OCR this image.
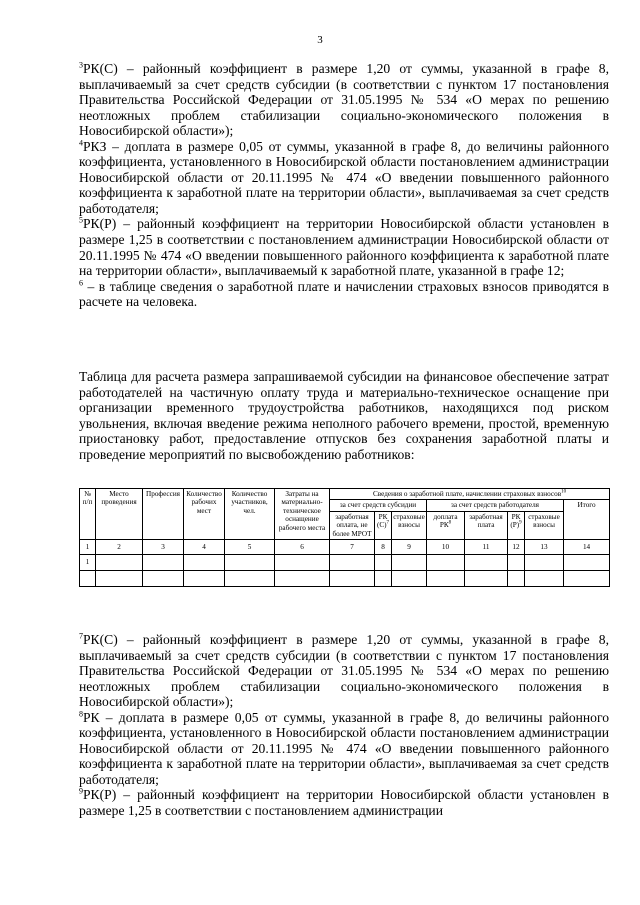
3

$^3$РК(С) – районный коэффициент в размере 1,20 от суммы, указанной в графе 8, выплачиваемый за счет средств субсидии (в соответствии с пунктом 17 постановления Правительства Российской Федерации от 31.05.1995 № 534 «О мерах по решению неотложных проблем стабилизации социально-экономического положения в Новосибирской области»);

$^4$РКЗ – доплата в размере 0,05 от суммы, указанной в графе 8, до величины районного коэффициента, установленного в Новосибирской области постановлением администрации Новосибирской области от 20.11.1995 № 474 «О введении повышенного районного коэффициента к заработной плате на территории области», выплачиваемая за счет средств работодателя;

$^5$РК(Р) – районный коэффициент на территории Новосибирской области установлен в размере 1,25 в соответствии с постановлением администрации Новосибирской области от 20.11.1995 № 474 «О введении повышенного районного коэффициента к заработной плате на территории области», выплачиваемый к заработной плате, указанной в графе 12;

$^6$ – в таблице сведения о заработной плате и начислении страховых взносов приводятся в расчете на человека.

Таблица для расчета размера запрашиваемой субсидии на финансовое обеспечение затрат работодателей на частичную оплату труда и материально-техническое оснащение при организации временного трудоустройства работников, находящихся под риском увольнения, включая введение режима неполного рабочего времени, простой, временную приостановку работ, предоставление отпусков без сохранения заработной платы и проведение мероприятий по высвобождению работников:

№ п/п	Место проведения	Профессия	Количество рабочих мест	Количество участников, чел.	Затраты на материально-техническое оснащение рабочего места	Сведения о заработной плате, начислении страховых взносов$^{10}$
						за счет средств субсидии			за счет средств работодателя				Итого
						заработная оплата, не более МРОТ	РК $(С)^7$	страховые взносы	доплата $РК^8$	заработная плата	РК $(Р)^9$	страховые взносы	
1	2	3	4	5	6	7	8	9	10	11	12	13	14
1													

$^7$РК(С) – районный коэффициент в размере 1,20 от суммы, указанной в графе 8, выплачиваемый за счет средств субсидии (в соответствии с пунктом 17 постановления Правительства Российской Федерации от 31.05.1995 № 534 «О мерах по решению неотложных проблем стабилизации социально-экономического положения в Новосибирской области»);

$^8$РК – доплата в размере 0,05 от суммы, указанной в графе 8, до величины районного коэффициента, установленного в Новосибирской области постановлением администрации Новосибирской области от 20.11.1995 № 474 «О введении повышенного районного коэффициента к заработной плате на территории области», выплачиваемая за счет средств работодателя;

$^9$РК(Р) – районный коэффициент на территории Новосибирской области установлен в размере 1,25 в соответствии с постановлением администрации
